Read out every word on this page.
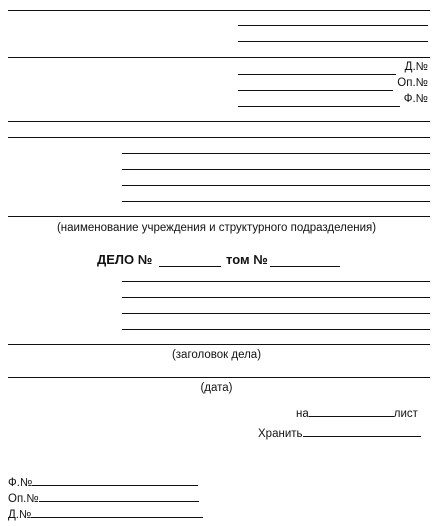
Д.№
Оп.№
Ф.№
(наименование учреждения и структурного подразделения)
ДЕЛО №	том №
(заголовок дела)
(дата)
на	лист
Хранить
Ф.№
Оп.№
Д.№
